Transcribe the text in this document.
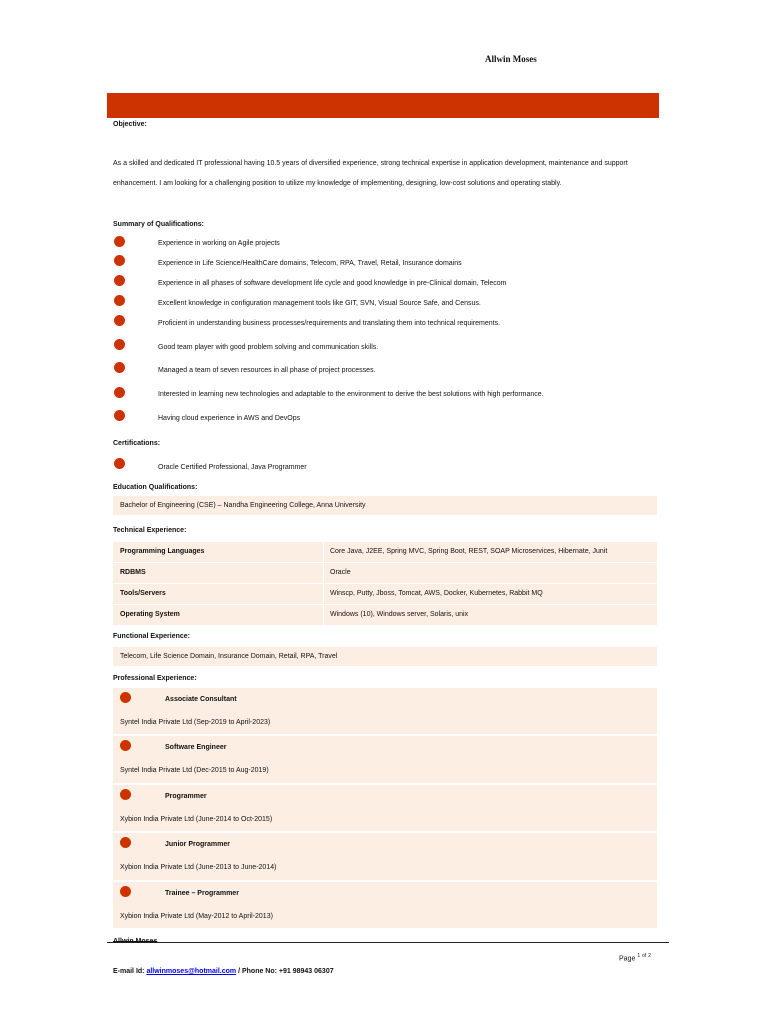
Allwin Moses
Objective:
As a skilled and dedicated IT professional having 10.5 years of diversified experience, strong technical expertise in application development, maintenance and support
enhancement. I am looking for a challenging position to utilize my knowledge of implementing, designing, low-cost solutions and operating stably.
Summary of Qualifications:
Experience in working on Agile projects
Experience in Life Science/HealthCare domains, Telecom, RPA, Travel, Retail, Insurance domains
Experience in all phases of software development life cycle and good knowledge in pre-Clinical domain, Telecom
Excellent knowledge in configuration management tools like GIT, SVN, Visual Source Safe, and Census.
Proficient in understanding business processes/requirements and translating them into technical requirements.
Good team player with good problem solving and communication skills.
Managed a team of seven resources in all phase of project processes.
Interested in learning new technologies and adaptable to the environment to derive the best solutions with high performance.
Having cloud experience in AWS and DevOps
Certifications:
Oracle Certified Professional, Java Programmer
Education Qualifications:
Bachelor of Engineering (CSE) – Nandha Engineering College, Anna University
Technical Experience:
Programming Languages	Core Java, J2EE, Spring MVC, Spring Boot, REST, SOAP Microservices, Hibernate, Junit
RDBMS	Oracle
Tools/Servers	Winscp, Putty, Jboss, Tomcat, AWS, Docker, Kubernetes, Rabbit MQ
Operating System	Windows (10), Windows server, Solaris, unix
Functional Experience:
Telecom, Life Science Domain, Insurance Domain, Retail, RPA, Travel
Professional Experience:
Associate Consultant
Syntel India Private Ltd (Sep-2019 to April-2023)
Software Engineer
Syntel India Private Ltd (Dec-2015 to Aug-2019)
Programmer
Xybion India Private Ltd (June-2014 to Oct-2015)
Junior Programmer
Xybion India Private Ltd (June-2013 to June-2014)
Trainee – Programmer
Xybion India Private Ltd (May-2012 to April-2013)
Page $^1$ $^{of}$ $^2$
E-mail Id: allwinmoses@hotmail.com / Phone No: +91 98943 06307
